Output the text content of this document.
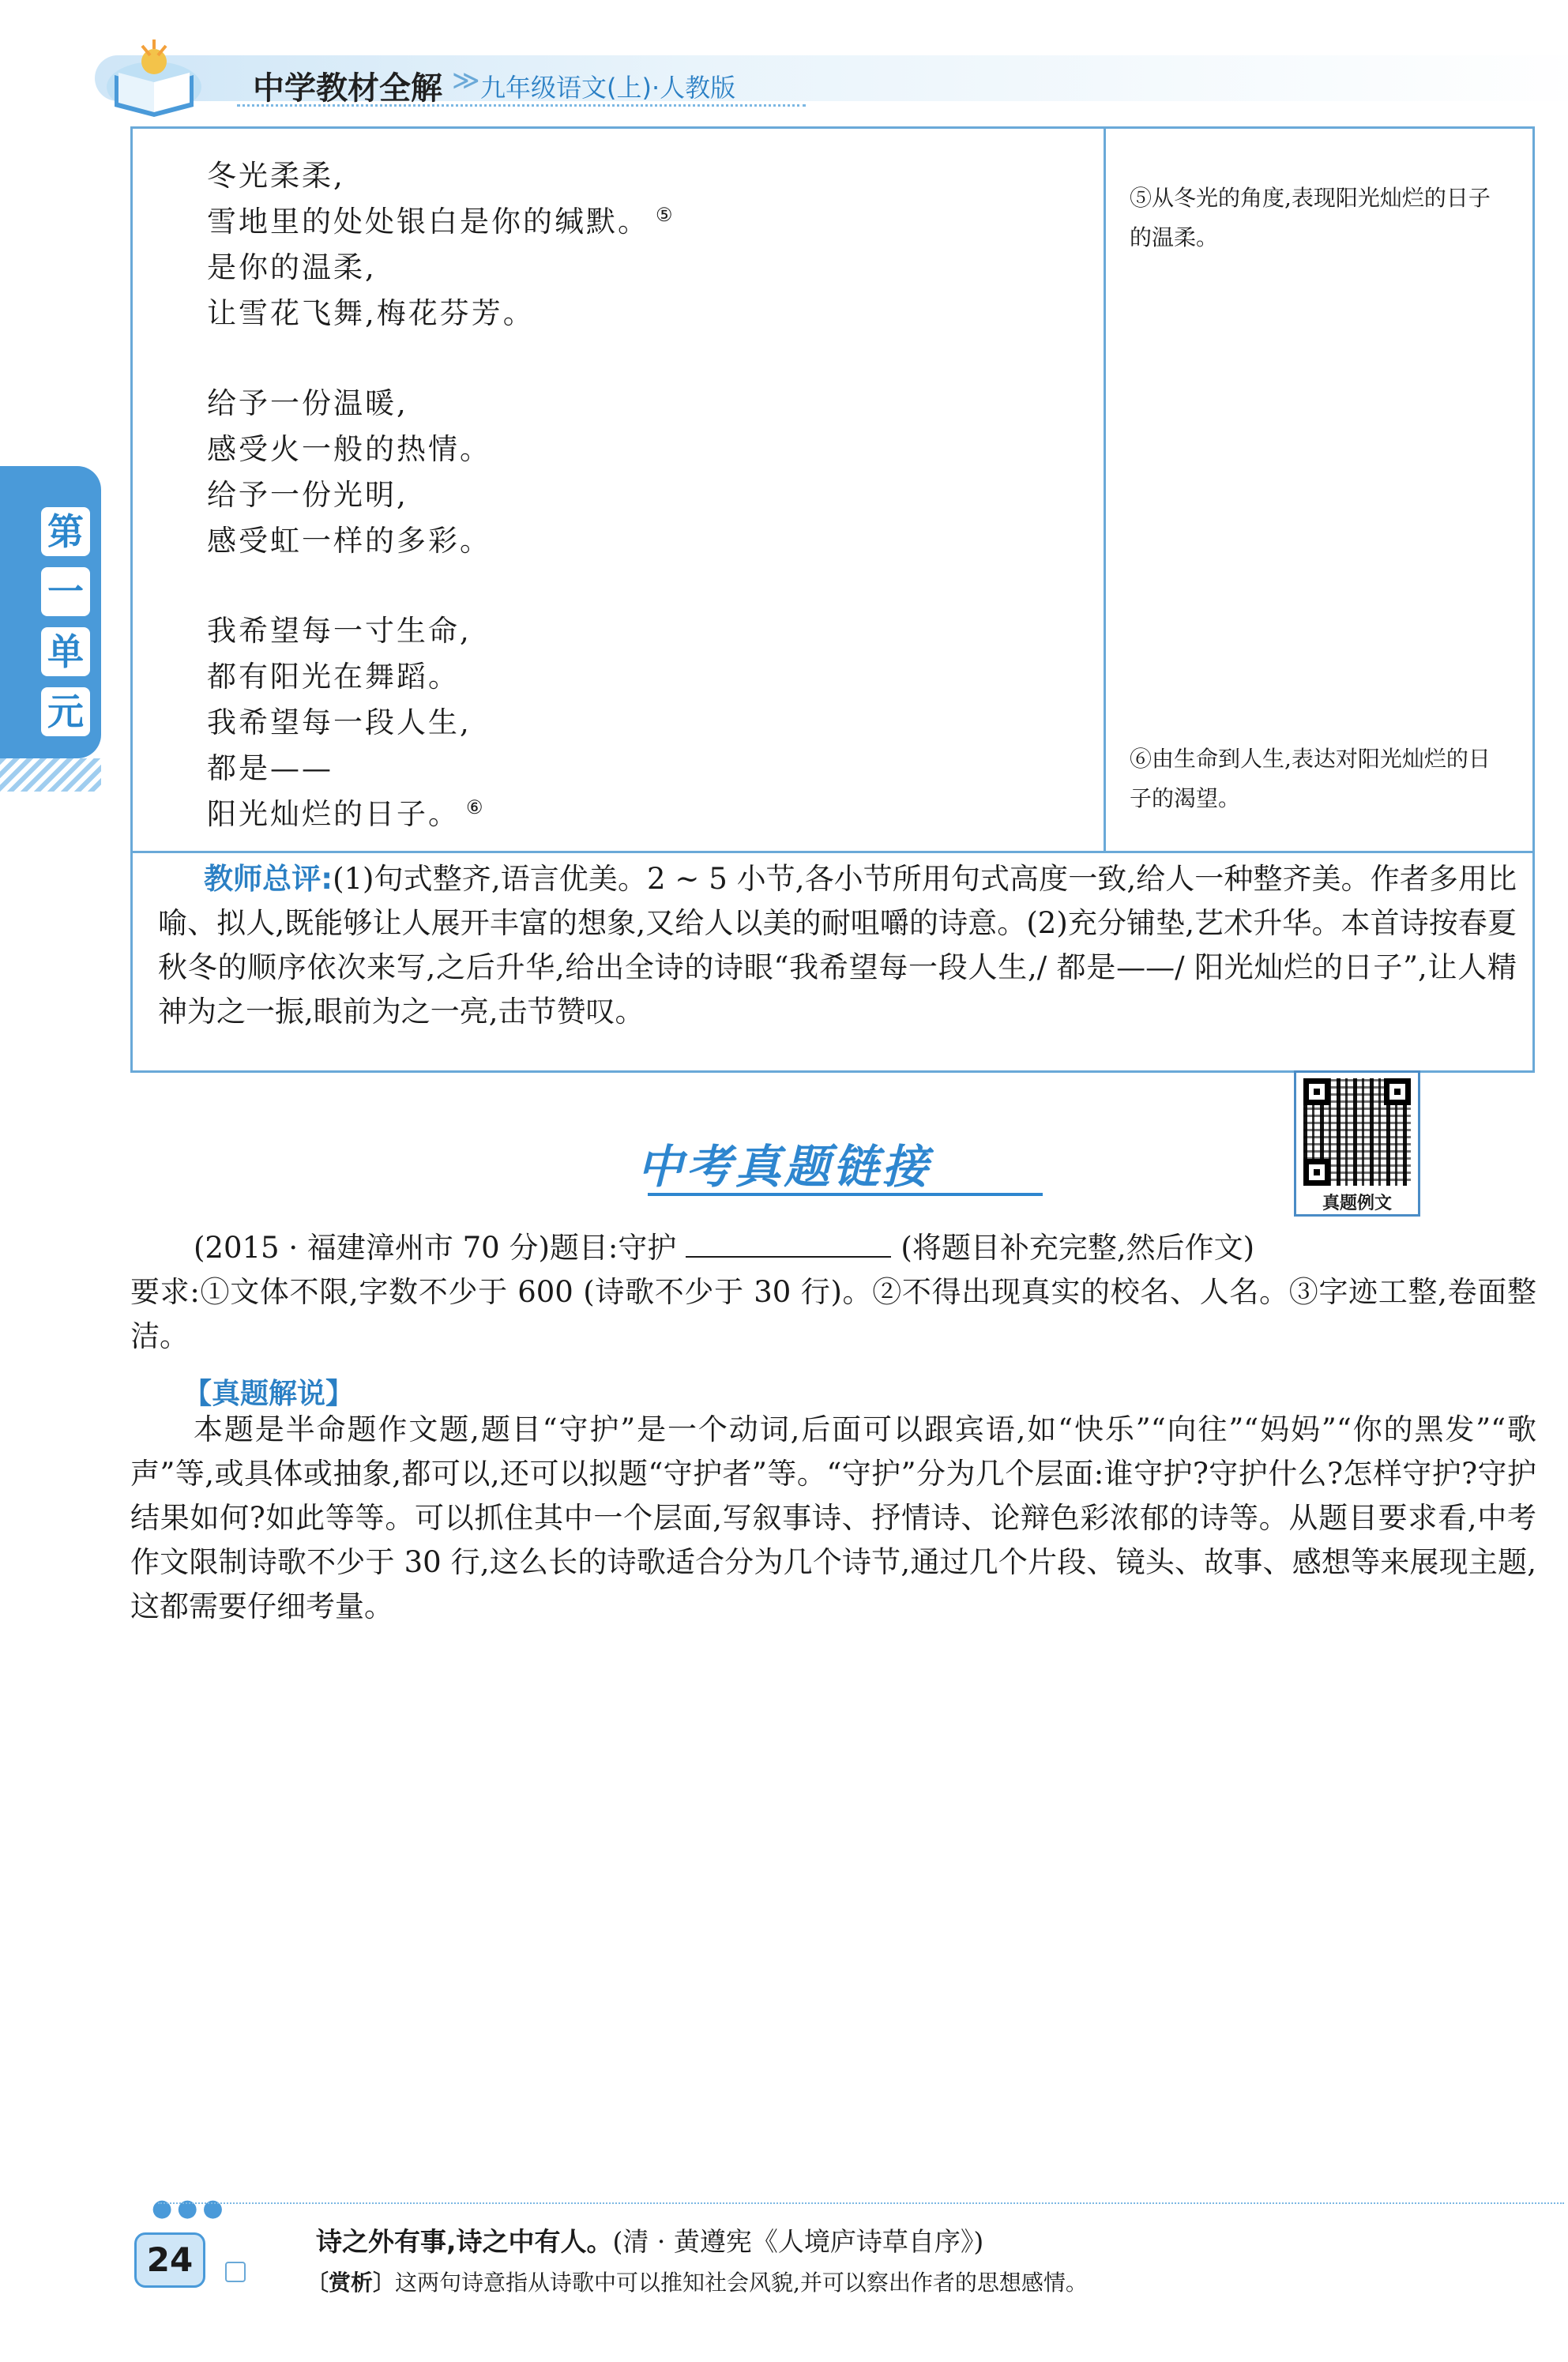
中学教材全解 ≫ 九年级语文(上)·人教版
第
一
单
元
冬光柔柔,
雪地里的处处银白是你的缄默。 ⑤
是你的温柔,
让雪花飞舞,梅花芬芳。
给予一份温暖,
感受火一般的热情。
给予一份光明,
感受虹一样的多彩。
我希望每一寸生命,
都有阳光在舞蹈。
我希望每一段人生,
都是——
阳光灿烂的日子。 ⑥
⑤从冬光的角度,表现阳光灿烂的日子的温柔。
⑥由生命到人生,表达对阳光灿烂的日子的渴望。
教师总评:(1)句式整齐,语言优美。2 ~ 5 小节,各小节所用句式高度一致,给人一种整齐美。作者多用比喻、拟人,既能够让人展开丰富的想象,又给人以美的耐咀嚼的诗意。(2)充分铺垫,艺术升华。本首诗按春夏秋冬的顺序依次来写,之后升华,给出全诗的诗眼“我希望每一段人生,/ 都是——/ 阳光灿烂的日子”,让人精神为之一振,眼前为之一亮,击节赞叹。
中考真题链接
真题例文
(2015 · 福建漳州市 70 分)题目:守护	(将题目补充完整,然后作文)
要求:①文体不限,字数不少于 600 (诗歌不少于 30 行)。②不得出现真实的校名、人名。③字迹工整,卷面整洁。
【真题解说】
本题是半命题作文题,题目“守护”是一个动词,后面可以跟宾语,如“快乐”“向往”“妈妈”“你的黑发”“歌声”等,或具体或抽象,都可以,还可以拟题“守护者”等。“守护”分为几个层面:谁守护?守护什么?怎样守护?守护结果如何?如此等等。可以抓住其中一个层面,写叙事诗、抒情诗、论辩色彩浓郁的诗等。从题目要求看,中考作文限制诗歌不少于 30 行,这么长的诗歌适合分为几个诗节,通过几个片段、镜头、故事、感想等来展现主题,这都需要仔细考量。
●●●
24	诗之外有事,诗之中有人。(清 · 黄遵宪《人境庐诗草自序》)
〔赏析〕这两句诗意指从诗歌中可以推知社会风貌,并可以察出作者的思想感情。
